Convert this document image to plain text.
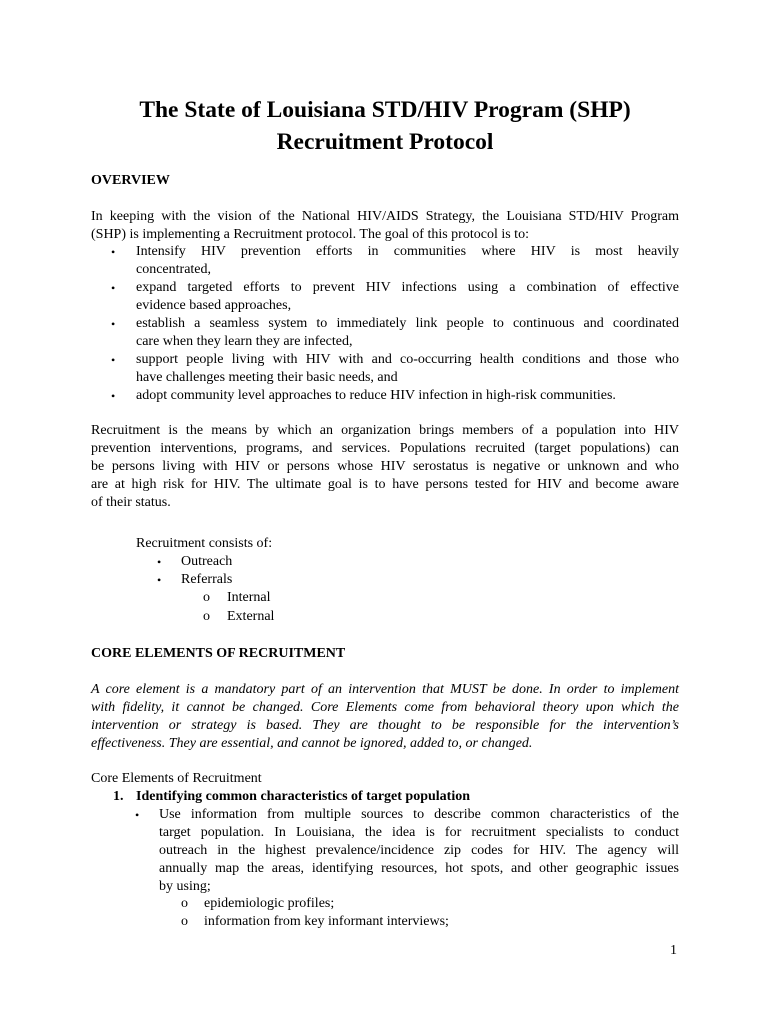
The State of Louisiana STD/HIV Program (SHP)
Recruitment Protocol
OVERVIEW
In keeping with the vision of the National HIV/AIDS Strategy, the Louisiana STD/HIV Program
(SHP) is implementing a Recruitment protocol. The goal of this protocol is to:
• Intensify HIV prevention efforts in communities where HIV is most heavily
concentrated,
• expand targeted efforts to prevent HIV infections using a combination of effective
evidence based approaches,
• establish a seamless system to immediately link people to continuous and coordinated
care when they learn they are infected,
• support people living with HIV with and co-occurring health conditions and those who
have challenges meeting their basic needs, and
• adopt community level approaches to reduce HIV infection in high-risk communities.
Recruitment is the means by which an organization brings members of a population into HIV
prevention interventions, programs, and services. Populations recruited (target populations) can
be persons living with HIV or persons whose HIV serostatus is negative or unknown and who
are at high risk for HIV. The ultimate goal is to have persons tested for HIV and become aware
of their status.
Recruitment consists of:
• Outreach
• Referrals
o Internal
o External
CORE ELEMENTS OF RECRUITMENT
A core element is a mandatory part of an intervention that MUST be done. In order to implement
with fidelity, it cannot be changed. Core Elements come from behavioral theory upon which the
intervention or strategy is based. They are thought to be responsible for the intervention’s
effectiveness. They are essential, and cannot be ignored, added to, or changed.
Core Elements of Recruitment
1. Identifying common characteristics of target population
• Use information from multiple sources to describe common characteristics of the
target population. In Louisiana, the idea is for recruitment specialists to conduct
outreach in the highest prevalence/incidence zip codes for HIV. The agency will
annually map the areas, identifying resources, hot spots, and other geographic issues
by using;
o epidemiologic profiles;
o information from key informant interviews;
1
